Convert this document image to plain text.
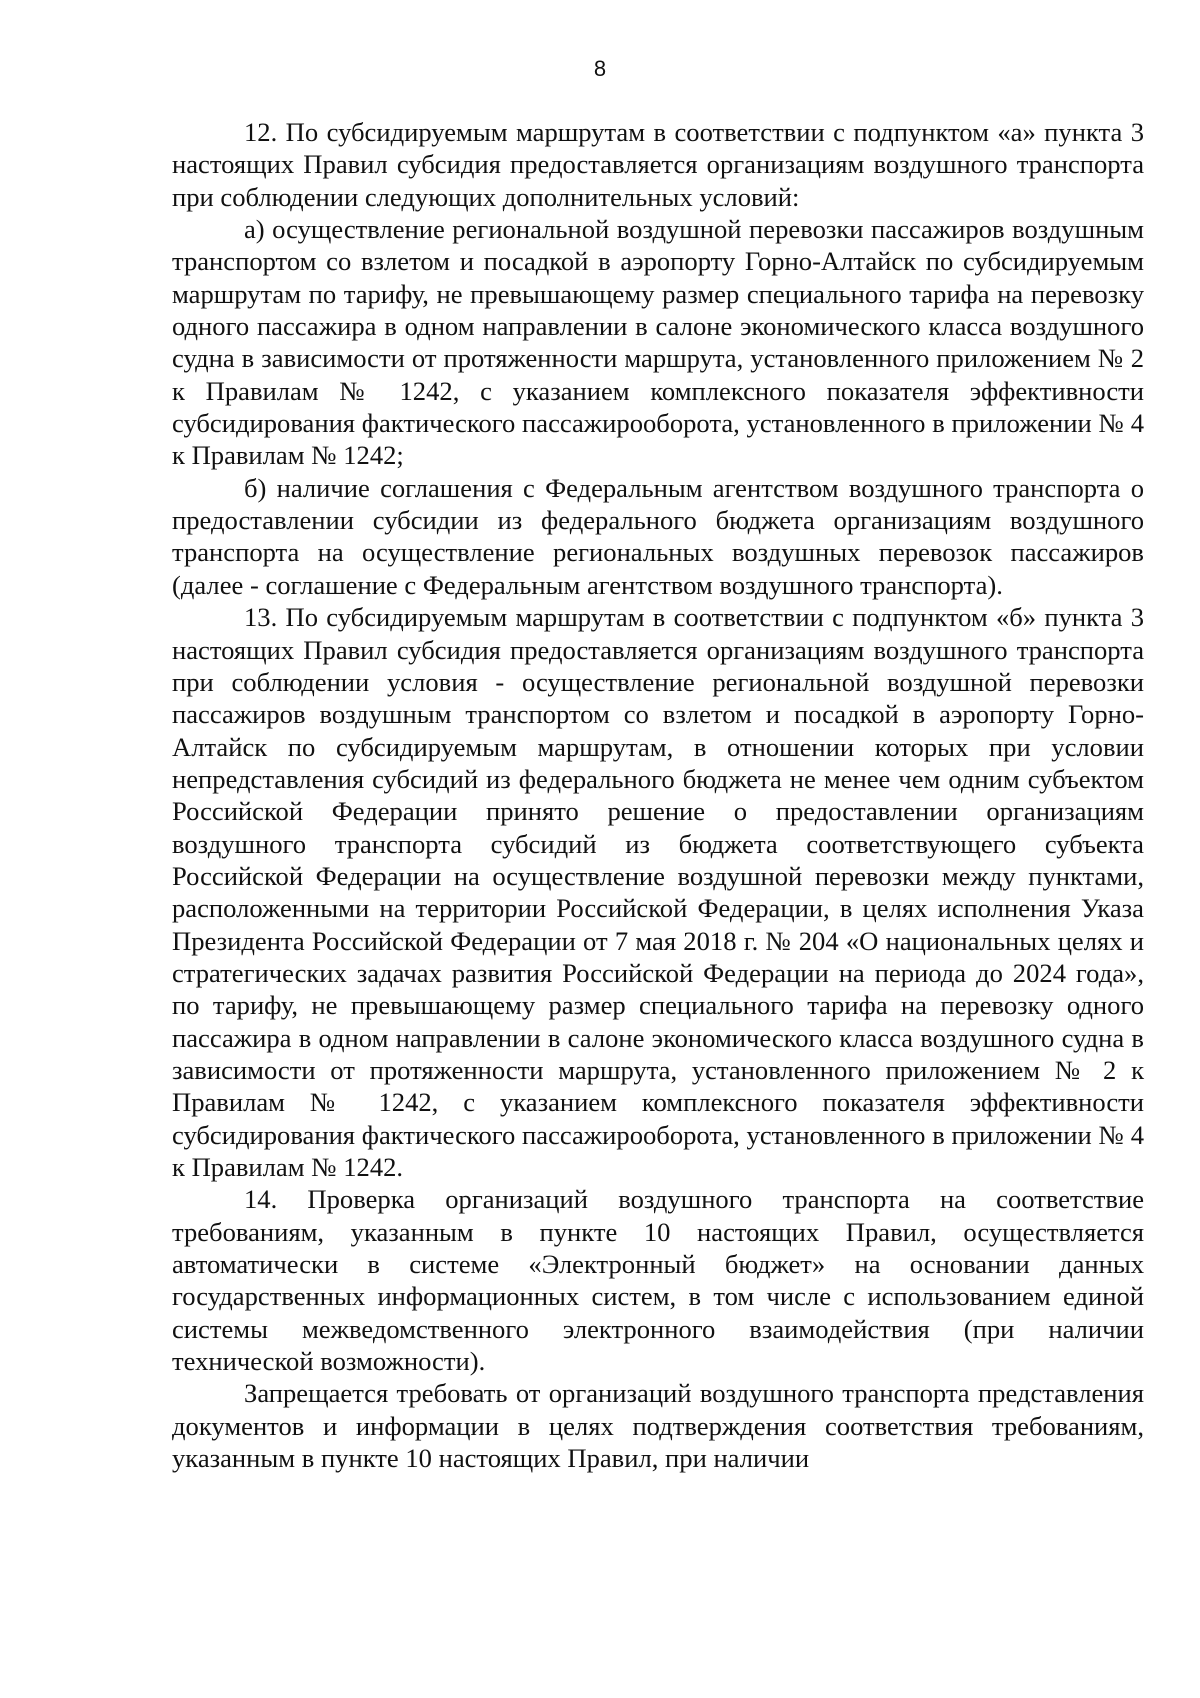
8

12. По субсидируемым маршрутам в соответствии с подпунктом «а» пункта 3 настоящих Правил субсидия предоставляется организациям воздушного транспорта при соблюдении следующих дополнительных условий:

а) осуществление региональной воздушной перевозки пассажиров воздушным транспортом со взлетом и посадкой в аэропорту Горно-Алтайск по субсидируемым маршрутам по тарифу, не превышающему размер специального тарифа на перевозку одного пассажира в одном направлении в салоне экономического класса воздушного судна в зависимости от протяженности маршрута, установленного приложением № 2 к Правилам № 1242, с указанием комплексного показателя эффективности субсидирования фактического пассажирооборота, установленного в приложении № 4 к Правилам № 1242;

б) наличие соглашения с Федеральным агентством воздушного транспорта о предоставлении субсидии из федерального бюджета организациям воздушного транспорта на осуществление региональных воздушных перевозок пассажиров (далее - соглашение с Федеральным агентством воздушного транспорта).

13. По субсидируемым маршрутам в соответствии с подпунктом «б» пункта 3 настоящих Правил субсидия предоставляется организациям воздушного транспорта при соблюдении условия - осуществление региональной воздушной перевозки пассажиров воздушным транспортом со взлетом и посадкой в аэропорту Горно-Алтайск по субсидируемым маршрутам, в отношении которых при условии непредставления субсидий из федерального бюджета не менее чем одним субъектом Российской Федерации принято решение о предоставлении организациям воздушного транспорта субсидий из бюджета соответствующего субъекта Российской Федерации на осуществление воздушной перевозки между пунктами, расположенными на территории Российской Федерации, в целях исполнения Указа Президента Российской Федерации от 7 мая 2018 г. № 204 «О национальных целях и стратегических задачах развития Российской Федерации на периода до 2024 года», по тарифу, не превышающему размер специального тарифа на перевозку одного пассажира в одном направлении в салоне экономического класса воздушного судна в зависимости от протяженности маршрута, установленного приложением № 2 к Правилам № 1242, с указанием комплексного показателя эффективности субсидирования фактического пассажирооборота, установленного в приложении № 4 к Правилам № 1242.

14. Проверка организаций воздушного транспорта на соответствие требованиям, указанным в пункте 10 настоящих Правил, осуществляется автоматически в системе «Электронный бюджет» на основании данных государственных информационных систем, в том числе с использованием единой системы межведомственного электронного взаимодействия (при наличии технической возможности).

Запрещается требовать от организаций воздушного транспорта представления документов и информации в целях подтверждения соответствия требованиям, указанным в пункте 10 настоящих Правил, при наличии
